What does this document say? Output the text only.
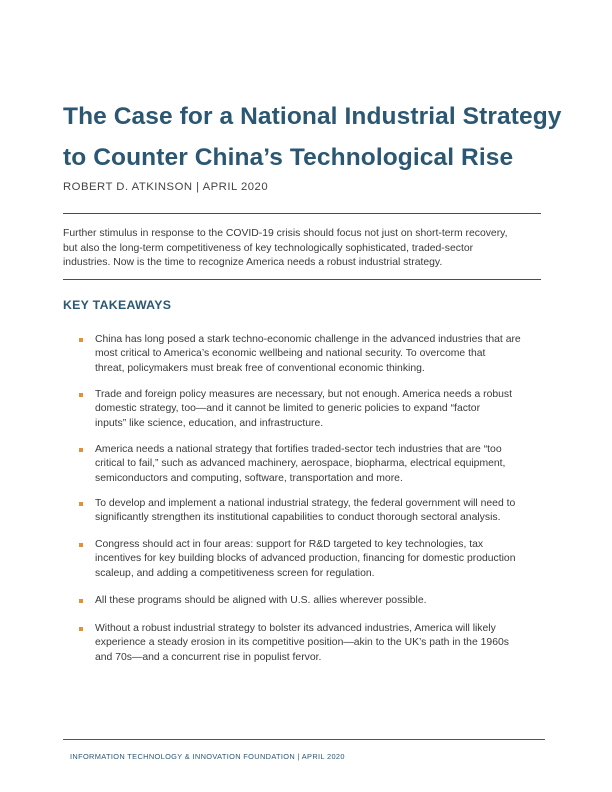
The Case for a National Industrial Strategy
to Counter China’s Technological Rise
ROBERT D. ATKINSON | APRIL 2020
Further stimulus in response to the COVID-19 crisis should focus not just on short-term recovery,
but also the long-term competitiveness of key technologically sophisticated, traded-sector
industries. Now is the time to recognize America needs a robust industrial strategy.
KEY TAKEAWAYS
China has long posed a stark techno-economic challenge in the advanced industries that are
most critical to America’s economic wellbeing and national security. To overcome that
threat, policymakers must break free of conventional economic thinking.
Trade and foreign policy measures are necessary, but not enough. America needs a robust
domestic strategy, too—and it cannot be limited to generic policies to expand “factor
inputs” like science, education, and infrastructure.
America needs a national strategy that fortifies traded-sector tech industries that are “too
critical to fail,” such as advanced machinery, aerospace, biopharma, electrical equipment,
semiconductors and computing, software, transportation and more.
To develop and implement a national industrial strategy, the federal government will need to
significantly strengthen its institutional capabilities to conduct thorough sectoral analysis.
Congress should act in four areas: support for R&D targeted to key technologies, tax
incentives for key building blocks of advanced production, financing for domestic production
scaleup, and adding a competitiveness screen for regulation.
All these programs should be aligned with U.S. allies wherever possible.
Without a robust industrial strategy to bolster its advanced industries, America will likely
experience a steady erosion in its competitive position—akin to the UK’s path in the 1960s
and 70s—and a concurrent rise in populist fervor.
INFORMATION TECHNOLOGY & INNOVATION FOUNDATION | APRIL 2020
